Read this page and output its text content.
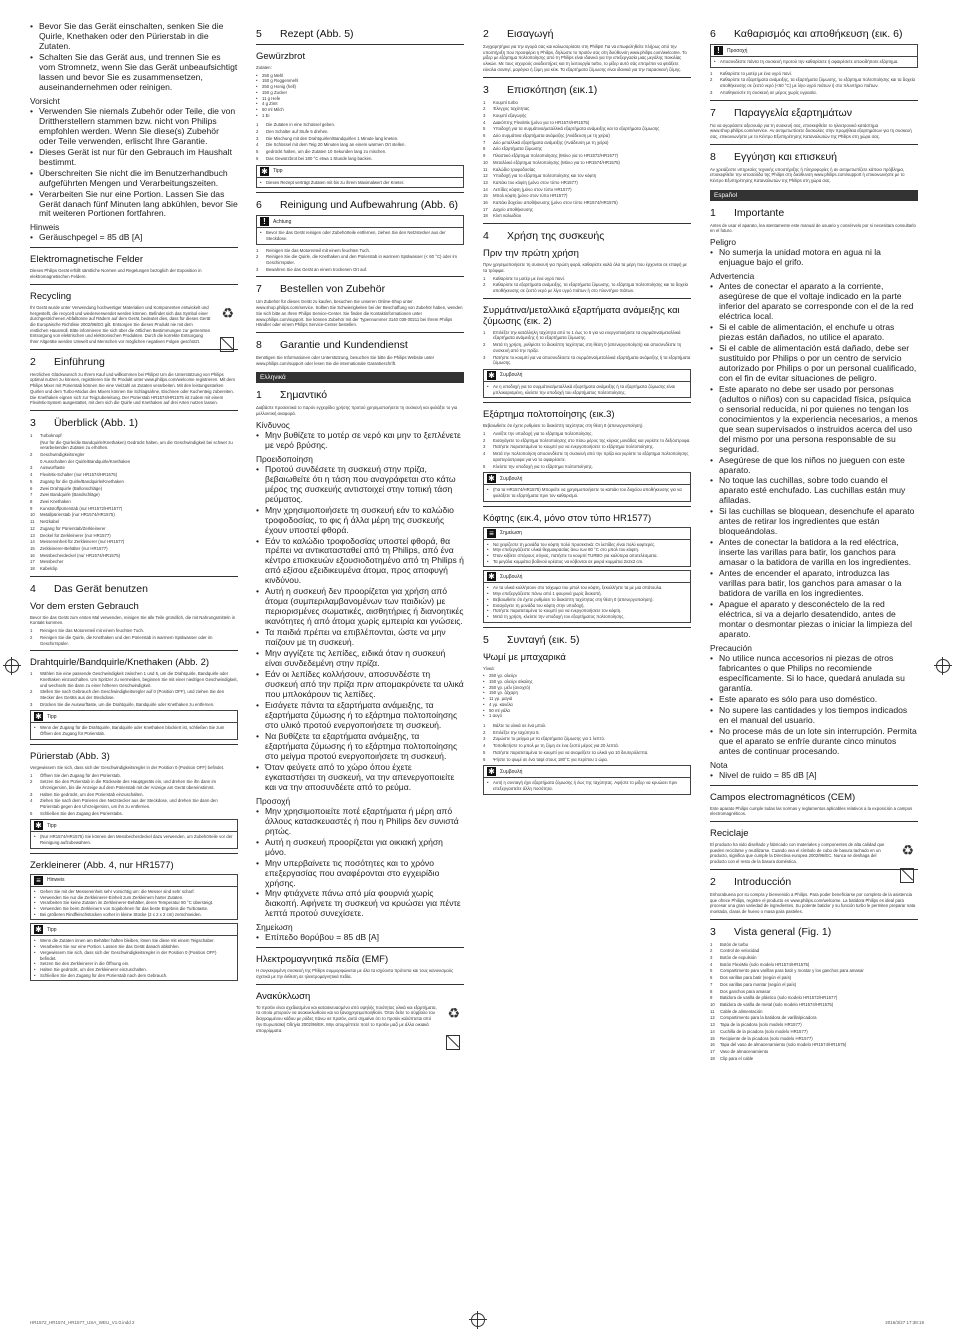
• Bevor Sie das Gerät einschalten, senken Sie die Quirle, Knethaken oder den Pürierstab in die Zutaten.

• Schalten Sie das Gerät aus, und trennen Sie es vom Stromnetz, wenn Sie das Gerät unbeaufsichtigt lassen und bevor Sie es zusammensetzen, auseinandernehmen oder reinigen.

Vorsicht

• Verwenden Sie niemals Zubehör oder Teile, die von Drittherstellern stammen bzw. nicht von Philips empfohlen werden. Wenn Sie diese(s) Zubehör oder Teile verwenden, erlischt Ihre Garantie.

• Dieses Gerät ist nur für den Gebrauch im Haushalt bestimmt.

• Überschreiten Sie nicht die im Benutzerhandbuch aufgeführten Mengen und Verarbeitungszeiten.

• Verarbeiten Sie nur eine Portion. Lassen Sie das Gerät danach fünf Minuten lang abkühlen, bevor Sie mit weiteren Portionen fortfahren.

Hinweis
• Geräuschpegel = 85 dB [A]
Elektromagnetische Felder

Dieses Philips Gerät erfüllt sämtliche Normen und Regelungen bezüglich der Exposition in elektromagnetischen Feldern.

Recycling
♻

Ihr Gerät wurde unter Verwendung hochwertiger Materialien und Komponenten entwickelt und hergestellt, die recycelt und wiederverwendet werden können. Befindet sich das Symbol einer durchgestrichenen Abfalltonne auf Rädern auf dem Gerät, bedeutet dies, dass für dieses Gerät die Europäische Richtlinie 2002/96/EG gilt. Entsorgen Sie dieses Produkt nie mit dem restlichen Hausmüll. Bitte informieren Sie sich über die örtlichen Bestimmungen zur getrennten Entsorgung von elektrischen und elektronischen Produkten. Durch die korrekte Entsorgung Ihrer Altgeräte werden Umwelt und Menschen vor möglichen negativen Folgen geschützt.

2 Einführung

Herzlichen Glückwunsch zu Ihrem Kauf und willkommen bei Philips! Um die Unterstützung von Philips optimal nutzen zu können, registrieren Sie Ihr Produkt unter www.philips.com/welcome registrieren. Mit dem Philips Mixer mit Pürierstab können Sie eine Vielzahl an Zutaten verarbeiten. Mit den leistungsstarken Quirlen und dem Turbo-Modus des Mixers können Sie Schlagsahne, Eischnee oder Kuchenteig zubereiten. Die Knethaken eignen sich zur Teigzubereitung. Der Pürierstab HR1574/HR1575 ist zudem mit einem FlexiMix-System ausgestattet, mit dem sich die Quirle und Knethaken auf drei Arten nutzen lassen.

3 Überblick (Abb. 1)
1	Turboknopf
(Nur für die Quirle/die Bandquirle/Knethaken) Gedrückt halten, um die Geschwindigkeit bei schwer zu verarbeitenden Zutaten zu erhöhen.
2	Geschwindigkeitsregler
0 Ausschalten der Quirle/Bandquirle/Knethaken
3	Auswurftaste
4	FlexiMix-Schalter (nur HR1574/HR1575)
5	Zugang für die Quirle/Bandquirle/Knethaken
6	Zwei Drahtquirle (Ballonschläge)
7	Zwei Bandquirle (Bandschläge)
8	Zwei Knethaken
9	Kunststoffpürierstab (nur HR1572/HR1577)
10	Metallpürierstab (nur HR1574/HR1575)
11	Netzkabel
12	Zugang für Pürierstab/Zerkleinerer
13	Deckel für Zerkleinerer (nur HR1577)
14	Messereinheit für Zerkleinerer (nur HR1577)
15	Zerkleinerer-Behälter (nur HR1577)
16	Messbecherdeckel (nur HR1574/HR1575)
17	Messbecher
18	Kabelclip
4 Das Gerät benutzen
Vor dem ersten Gebrauch

Bevor Sie das Gerät zum ersten Mal verwenden, reinigen Sie alle Teile gründlich, die mit Nahrungsmitteln in Kontakt kommen.

1	Reinigen Sie das Motorenteil mit einem feuchten Tuch.
2	Reinigen Sie die Quirle, die Knethaken und den Pürierstab in warmem Spülwasser oder im Geschirrspüler.
Drahtquirle/Bandquirle/Knethaken (Abb. 2)
1	Wählen Sie eine passende Geschwindigkeit zwischen 1 und 5, um die Drahtquirle, Bandquirle oder Knethaken einzuschalten. Um Spritzer zu vermeiden, beginnen Sie mit einer niedrigen Geschwindigkeit, und wechseln Sie dann zu einer höheren Geschwindigkeit.
2	Stellen Sie nach Gebrauch den Geschwindigkeitsregler auf 0 (Position OFF), und ziehen Sie den Stecker des Geräts aus der Steckdose.
3	Drücken Sie die Auswurftaste, um die Drahtquirle, Bandquirle oder Knethaken zu entfernen.
✱ Tipp

• Wenn der Zugang für die Drahtquirle, Bandquirle oder Knethaken blockiert ist, schließen Sie zum Öffnen den Zugang für Pürierstab.

Pürierstab (Abb. 3)

Vergewissern Sie sich, dass sich der Geschwindigkeitsregler in der Position 0 (Position OFF) befindet.

1	Öffnen Sie den Zugang für den Pürierstab.
2	Setzen Sie den Pürierstab in die Rückseite des Hauptgeräts ein, und drehen Sie ihn dann im Uhrzeigersinn, bis die Anzeige auf dem Pürierstab mit der Anzeige am Gerät übereinstimmt.
3	Halten Sie gedrückt, um den Pürierstab einzuschalten.
4	Ziehen Sie nach dem Pürieren den Netzstecker aus der Steckdose, und drehen Sie dann den Pürierstab gegen den Uhrzeigersinn, um ihn zu entfernen.
5	Schließen Sie den Zugang des Pürierstabs.
✱ Tipp

• (Nur HR1574/HR1575) Sie können den Messbecherdeckel dazu verwenden, um Zubehörteile vor der Reinigung aufzubewahren.

Zerkleinerer (Abb. 4, nur HR1577)
≡	Hinweis

• Gehen Sie mit der Messereinheit sehr vorsichtig um: die Messer sind sehr scharf.

• Verwenden Sie nur die Zerkleinerer-Einheit zum Zerkleinern harter Zutaten.

• Verarbeiten Sie keine Zutaten im Zerkleinerer-Behälter, deren Temperatur 80 °C übersteigt.

• Verwenden Sie beim Zerkleinern von Sojabohnen für das beste Ergebnis die Turbotaste.

• Bei größeren Rindfleischstücken vorher in kleine Stücke (2 x 2 x 2 cm) zerschneiden.

✱ Tipp

• Wenn die Zutaten innen am Behälter haften bleiben, lösen Sie diese mit einem Teigschaber.

• Verarbeiten Sie nur eine Portion. Lassen Sie das Gerät danach abkühlen.

• Vergewissern Sie sich, dass sich der Geschwindigkeitsregler in der Position 0 (Position OFF) befindet.

• Setzen Sie den Zerkleinerer in die Öffnung ein.

• Halten Sie gedrückt, um den Zerkleinerer einzuschalten.

• Schließen Sie den Zugang für den Pürierstab nach dem Gebrauch.

5 Rezept (Abb. 5)
Gewürzbrot

Zutaten:

• 250 g Mehl

• 150 g Roggenmehl

• 250 g Honig (hell)

• 150 g Zucker

• 11 g Hefe

• 4 g Zimt

• 50 ml Milch

• 1 Ei

1	Die Zutaten in eine Schüssel geben.
2	Den Schalter auf Stufe 5 drehen.
3	Die Mischung mit den Drahtquirlen/Bandquirlen 1 Minute lang kneten.
4	Die Schüssel mit dem Teig 20 Minuten lang an einem warmen Ort stellen.
5	gedrückt halten, um die Zutaten 10 Sekunden lang zu mischen.
6	Das Gewürzbrot bei 180 °C etwa 1 Stunde lang backen.
✱ Tipp

• Dieses Rezept verträgt Zutaten mit bis zu ihrem Maximalwert der Kneter.

6 Reinigung und Aufbewahrung (Abb. 6)
!	Achtung

• Bevor Sie das Gerät reinigen oder Zubehörteile entfernen, ziehen Sie den Netzstecker aus der Steckdose.

1	Reinigen Sie das Motorenteil mit einem feuchten Tuch.
2	Reinigen Sie die Quirle, die Knethaken und den Pürierstab in warmem Spülwasser (< 60 °C) oder im Geschirrspüler.
3	Bewahren Sie das Gerät an einem trockenen Ort auf.
7 Bestellen von Zubehör

Um Zubehör für dieses Gerät zu kaufen, besuchen Sie unseren Online-Shop unter www.shop.philips.com/service. Sollten Sie Schwierigkeiten bei der Beschaffung von Zubehör haben, wenden Sie sich bitte an Ihren Philips Service-Center. Sie finden die Kontaktinformationen unter www.philips.com/support. Sie können Zubehör mit der Typennummer 3140 039 00211 bei Ihrem Philips Händler oder einem Philips Service-Center bestellen.

8 Garantie und Kundendienst

Benötigen Sie Informationen oder Unterstützung, besuchen Sie bitte die Philips Website unter www.philips.com/support oder lesen Sie die internationale Garantieschrift.

Ελληνικά
1 Σημαντικό

Διαβάστε προσεκτικά το παρόν εγχειρίδιο χρήσης προτού χρησιμοποιήσετε τη συσκευή και φυλάξτε το για μελλοντική αναφορά.

Κίνδυνος

• Μην βυθίζετε το μοτέρ σε νερό και μην το ξεπλένετε με νερό βρύσης.

Προειδοποίηση

• Προτού συνδέσετε τη συσκευή στην πρίζα, βεβαιωθείτε ότι η τάση που αναγράφεται στο κάτω μέρος της συσκευής αντιστοιχεί στην τοπική τάση ρεύματος.

• Μην χρησιμοποιήσετε τη συσκευή εάν το καλώδιο τροφοδοσίας, το φις ή άλλα μέρη της συσκευής έχουν υποστεί φθορά.

• Εάν το καλώδιο τροφοδοσίας υποστεί φθορά, θα πρέπει να αντικατασταθεί από τη Philips, από ένα κέντρο επισκευών εξουσιοδοτημένο από τη Philips ή από εξίσου εξειδικευμένα άτομα, προς αποφυγή κινδύνου.

• Αυτή η συσκευή δεν προορίζεται για χρήση από άτομα (συμπεριλαμβανομένων των παιδιών) με περιορισμένες σωματικές, αισθητήριες ή διανοητικές ικανότητες ή από άτομα χωρίς εμπειρία και γνώσεις.

• Τα παιδιά πρέπει να επιβλέπονται, ώστε να μην παίζουν με τη συσκευή.

• Μην αγγίζετε τις λεπίδες, ειδικά όταν η συσκευή είναι συνδεδεμένη στην πρίζα.

• Εάν οι λεπίδες κολλήσουν, αποσυνδέστε τη συσκευή από την πρίζα πριν απομακρύνετε τα υλικά που μπλοκάρουν τις λεπίδες.

• Εισάγετε πάντα τα εξαρτήματα ανάμειξης, τα εξαρτήματα ζύμωσης ή το εξάρτημα πολτοποίησης στο υλικό προτού ενεργοποιήσετε τη συσκευή.

• Να βυθίζετε τα εξαρτήματα ανάμειξης, τα εξαρτήματα ζύμωσης ή το εξάρτημα πολτοποίησης στο μείγμα προτού ενεργοποιήσετε τη συσκευή.

• Όταν φεύγετε από το χώρο όπου έχετε εγκαταστήσει τη συσκευή, να την απενεργοποιείτε και να την αποσυνδέετε από το ρεύμα.

Προσοχή

• Μην χρησιμοποιείτε ποτέ εξαρτήματα ή μέρη από άλλους κατασκευαστές ή που η Philips δεν συνιστά ρητώς.

• Αυτή η συσκευή προορίζεται για οικιακή χρήση μόνο.

• Μην υπερβαίνετε τις ποσότητες και το χρόνο επεξεργασίας που αναφέρονται στο εγχειρίδιο χρήσης.

• Μην φτιάχνετε πάνω από μία φουρνιά χωρίς διακοπή. Αφήνετε τη συσκευή να κρυώσει για πέντε λεπτά προτού συνεχίσετε.

Σημείωση

• Επίπεδο θορύβου = 85 dB [A]

Ηλεκτρομαγνητικά πεδία (EMF)

Η συγκεκριμένη συσκευή της Philips συμμορφώνεται με όλα τα ισχύοντα πρότυπα και τους κανονισμούς σχετικά με την έκθεση σε ηλεκτρομαγνητικά πεδία.

Ανακύκλωση
♻

Το προϊόν είναι σχεδιασμένο και κατασκευασμένο από υψηλής ποιότητας υλικά και εξαρτήματα, τα οποία μπορούν να ανακυκλωθούν και να ξαναχρησιμοποιηθούν. Όταν δείτε το σύμβολο του διαγραμμένου κάδου με ρόδες πάνω σε προϊόν, αυτό σημαίνει ότι το προϊόν καλύπτεται από την Ευρωπαϊκή Οδηγία 2002/96/ΕΚ. Μην απορρίπτετε ποτέ το προϊόν μαζί με άλλα οικιακά απορρίμματα.

2 Εισαγωγή

Συγχαρητήρια για την αγορά σας και καλωσορίσατε στη Philips! Για να επωφεληθείτε πλήρως από την υποστήριξη που προσφέρει η Philips, δηλώστε το προϊόν σας στη διεύθυνση www.philips.com/welcome. Το μίξερ με εξάρτημα πολτοποίησης από τη Philips είναι ιδανικό για την επεξεργασία μιας μεγάλης ποικιλίας υλικών. Με τους ισχυρούς αναδευτήρες και τη λειτουργία turbo, το μίξερ αυτό σάς επιτρέπει να φτιάξετε εύκολα σαντιγί, μαρέγκα ή ζύμη για κέικ. Τα εξαρτήματα ζύμωσης είναι ιδανικά για την παρασκευή ζύμης.

3 Επισκόπηση (εικ.1)
1	Κουμπί turbo
2	Έλεγχος ταχύτητας
3	Κουμπί εξαγωγής
4	Διακόπτης FlexiMix (μόνο για το HR1574/HR1575)
5	Υποδοχή για τα συρμάτινα/μεταλλικά εξαρτήματα ανάμειξης και τα εξαρτήματα ζύμωσης
6	Δύο συρμάτινα εξαρτήματα ανάμειξης (Ανάδευση με τη χείρα)
7	Δύο μεταλλικά εξαρτήματα ανάμειξης (Ανάδευση με τη χείρα)
8	Δύο εξαρτήματα ζύμωσης
9	Πλαστικό εξάρτημα πολτοποίησης (Μόνο για το HR1572/HR1577)
10	Μεταλλικό εξάρτημα πολτοποίησης (Μόνο για το HR1574/HR1575)
11	Καλώδιο τροφοδοσίας
12	Υποδοχή για το εξάρτημα πολτοποίησης και τον κόφτη
13	Καπάκι του κόφτη (μόνο στον τύπο HR1577)
14	Λεπίδες κόφτη (μόνο στον τύπο HR1577)
15	Μπολ κόφτη (μόνο στον τύπο HR1577)
16	Καπάκι δοχείου αποθήκευσης (μόνο στον τύπο HR1574/HR1575)
17	Δοχείο αποθήκευσης
18	Κλιπ καλωδίου
4 Χρήση της συσκευής
Πριν την πρώτη χρήση

Πριν χρησιμοποιήσετε τη συσκευή για πρώτη φορά, καθαρίστε καλά όλα τα μέρη που έρχονται σε επαφή με τα τρόφιμα.

1	Καθαρίστε το μοτέρ με ένα υγρό πανί.
2	Καθαρίστε τα εξαρτήματα ανάμειξης, τα εξαρτήματα ζύμωσης, το εξάρτημα πολτοποίησης και τα δοχεία αποθήκευσης σε ζεστό νερό με λίγο υγρό πιάτων ή στο πλυντήριο πιάτων.
Συρμάτινα/μεταλλικά εξαρτήματα ανάμειξης και ζύμωσης (εικ. 2)
1	Επιλέξτε την κατάλληλη ταχύτητα από το 1 έως το 5 για να ενεργοποιήσετε τα συρμάτινα/μεταλλικά εξαρτήματα ανάμειξης ή τα εξαρτήματα ζύμωσης.
2	Μετά τη χρήση, ρυθμίστε το διακόπτη ταχύτητας στη θέση 0 (απενεργοποίηση) και αποσυνδέστε τη συσκευή από την πρίζα.
3	Πατήστε το κουμπί για να αποσυνδέσετε τα συρμάτινα/μεταλλικά εξαρτήματα ανάμειξης ή τα εξαρτήματα ζύμωσης.
✱ Συμβουλή

• Αν η υποδοχή για τα συρμάτινα/μεταλλικά εξαρτήματα ανάμειξης ή τα εξαρτήματα ζύμωσης είναι μπλοκαρισμένη, κλείστε την υποδοχή του εξαρτήματος πολτοποίησης.

Εξάρτημα πολτοποίησης (εικ.3)

Βεβαιωθείτε ότι έχετε ρυθμίσει το διακόπτη ταχύτητας στη θέση 0 (απενεργοποίηση).

1	Ανοίξτε την υποδοχή για το εξάρτημα πολτοποίησης.
2	Εισαγάγετε το εξάρτημα πολτοποίησης στο πίσω μέρος της κύριας μονάδας και γυρίστε το δεξιόστροφα.
3	Πατήστε παρατεταμένα το κουμπί για να ενεργοποιήσετε το εξάρτημα πολτοποίησης.
4	Μετά την πολτοποίηση αποσυνδέστε τη συσκευή από την πρίζα και γυρίστε το εξάρτημα πολτοποίησης αριστερόστροφα για να το αφαιρέσετε.
5	Κλείστε την υποδοχή για το εξάρτημα πολτοποίησης.
✱ Συμβουλή

• (Για τα HR1574/HR1575) Μπορείτε να χρησιμοποιήσετε το καπάκι του δοχείου αποθήκευσης για να φυλάξετε τα εξαρτήματα πριν τον καθαρισμό.

Κόφτης (εικ.4, μόνο στον τύπο HR1577)
≡	Σημείωση

• Να χειρίζεστε τη μονάδα του κόφτη πολύ προσεκτικά: Οι λεπίδες είναι πολύ κοφτερές.

• Μην επεξεργάζεστε υλικά θερμοκρασίας άνω των 80 °C στο μπολ του κόφτη.

• Όταν κόβετε σπόρους σόγιας, πατήστε το κουμπί TURBO για καλύτερα αποτελέσματα.

• Τα μεγάλα κομμάτια βοδινού κρέατος να κόβονται σε μικρά κομμάτια 2x2x2 cm.

✱ Συμβουλή

• Αν τα υλικά κολλήσουν στο τοίχωμα του μπολ του κόφτη, ξεκολλήστε τα με μια σπάτουλα.

• Μην επεξεργάζεστε πάνω από 1 φουρνιά χωρίς διακοπή.

• Βεβαιωθείτε ότι έχετε ρυθμίσει το διακόπτη ταχύτητας στη θέση 0 (απενεργοποίηση).

• Εισαγάγετε τη μονάδα του κόφτη στην υποδοχή.

• Πατήστε παρατεταμένα το κουμπί για να ενεργοποιήσετε τον κόφτη.

• Μετά τη χρήση, κλείστε την υποδοχή του εξαρτήματος πολτοποίησης.

5 Συνταγή (εικ. 5)
Ψωμί με μπαχαρικά

Υλικά:

• 250 γρ. αλεύρι

• 150 γρ. αλεύρι σίκαλης

• 250 γρ. μέλι (ανοιχτό)

• 150 γρ. ζάχαρη

• 11 γρ. μαγιά

• 4 γρ. κανέλα

• 50 ml γάλα

• 1 αυγό

1	Βάλτε τα υλικά σε ένα μπολ.
2	Επιλέξτε την ταχύτητα 5.
3	Ζυμώστε το μείγμα με τα εξαρτήματα ζύμωσης για 1 λεπτό.
4	Τοποθετήστε το μπολ με τη ζύμη σε ένα ζεστό μέρος για 20 λεπτά.
5	Πατήστε παρατεταμένα το κουμπί για να αναμείξετε τα υλικά για 10 δευτερόλεπτα.
6	Ψήστε το ψωμί σε ένα ταψί στους 180°C για περίπου 1 ώρα.
✱ Συμβουλή

• Αυτή η συνταγή έχει εξαρτήματα ζύμωσης ή έως της ταχύτητας. Αφήστε το μίξερ να κρυώσει πριν επεξεργαστείτε άλλη ποσότητα.

6 Καθαρισμός και αποθήκευση (εικ. 6)
!	Προσοχή

• Αποσυνδέστε πάντα τη συσκευή προτού την καθαρίσετε ή αφαιρέσετε οποιοδήποτε εξάρτημα.

1	Καθαρίστε το μοτέρ με ένα υγρό πανί.
2	Καθαρίστε τα εξαρτήματα ανάμειξης, τα εξαρτήματα ζύμωσης, το εξάρτημα πολτοποίησης και τα δοχεία αποθήκευσης σε ζεστό νερό (<60 °C) με λίγο υγρό πιάτων ή στο πλυντήριο πιάτων.
3	Αποθηκεύστε τη συσκευή σε μέρος χωρίς υγρασία.
7 Παραγγελία εξαρτημάτων

Για να αγοράσετε αξεσουάρ για τη συσκευή σας, επισκεφθείτε το ηλεκτρονικό κατάστημα www.shop.philips.com/service. Αν αντιμετωπίσετε δυσκολίες στην προμήθεια εξαρτημάτων για τη συσκευή σας, επικοινωνήστε με το Κέντρο Εξυπηρέτησης Καταναλωτών της Philips στη χώρα σας.

8 Εγγύηση και επισκευή

Αν χρειάζεστε υπηρεσίες τεχνικής υποστήριξης ή πληροφορίες ή αν αντιμετωπίζετε κάποιο πρόβλημα, επισκεφθείτε την ιστοσελίδα της Philips στη διεύθυνση www.philips.com/support ή επικοινωνήστε με το Κέντρο Εξυπηρέτησης Καταναλωτών της Philips στη χώρα σας.

Español
1 Importante

Antes de usar el aparato, lea atentamente este manual de usuario y consérvelo por si necesitara consultarlo en el futuro.

Peligro

• No sumerja la unidad motora en agua ni la enjuague bajo el grifo.

Advertencia

• Antes de conectar el aparato a la corriente, asegúrese de que el voltaje indicado en la parte inferior del aparato se corresponde con el de la red eléctrica local.

• Si el cable de alimentación, el enchufe u otras piezas están dañados, no utilice el aparato.

• Si el cable de alimentación está dañado, debe ser sustituido por Philips o por un centro de servicio autorizado por Philips o por un personal cualificado, con el fin de evitar situaciones de peligro.

• Este aparato no debe ser usado por personas (adultos o niños) con su capacidad física, psíquica o sensorial reducida, ni por quienes no tengan los conocimientos y la experiencia necesarios, a menos que sean supervisados o instruidos acerca del uso del mismo por una persona responsable de su seguridad.

• Asegúrese de que los niños no jueguen con este aparato.

• No toque las cuchillas, sobre todo cuando el aparato esté enchufado. Las cuchillas están muy afiladas.

• Si las cuchillas se bloquean, desenchufe el aparato antes de retirar los ingredientes que están bloqueándolas.

• Antes de conectar la batidora a la red eléctrica, inserte las varillas para batir, los ganchos para amasar o la batidora de varilla en los ingredientes.

• Antes de encender el aparato, introduzca las varillas para batir, los ganchos para amasar o la batidora de varilla en los ingredientes.

• Apague el aparato y desconéctelo de la red eléctrica, si va a dejarlo desatendido, antes de montar o desmontar piezas o iniciar la limpieza del aparato.

Precaución

• No utilice nunca accesorios ni piezas de otros fabricantes o que Philips no recomiende específicamente. Si lo hace, quedará anulada su garantía.

• Este aparato es sólo para uso doméstico.

• No supere las cantidades y los tiempos indicados en el manual del usuario.

• No procese más de un lote sin interrupción. Permita que el aparato se enfríe durante cinco minutos antes de continuar procesando.

Nota

• Nivel de ruido = 85 dB [A]

Campos electromagnéticos (CEM)

Este aparato Philips cumple todas las normas y reglamentos aplicables relativos a la exposición a campos electromagnéticos.

Reciclaje
♻

El producto ha sido diseñado y fabricado con materiales y componentes de alta calidad que pueden reciclarse y reutilizarse. Cuando vea el símbolo de cubo de basura tachado en un producto, significa que cumple la Directiva europea 2002/96/EC. Nunca se deshaga del producto con el resto de la basura doméstica.

2 Introducción

Enhorabuena por su compra y bienvenido a Philips. Para poder beneficiarse por completo de la asistencia que ofrece Philips, registre el producto en www.philips.com/welcome. La batidora Philips es ideal para procesar una gran variedad de ingredientes. Su potente batidor y su función turbo le permiten preparar nata montada, claras de huevo o masa para pasteles.

3 Vista general (Fig. 1)
1	Botón de turbo
2	Control de velocidad
3	Botón de expulsión
4	Botón FlexiMix (solo modelo HR1574/HR1575)
5	Compartimento para varillas para batir y montar y los ganchos para amasar
6	Dos varillas para batir (según el país)
7	Dos varillas para montar (según el país)
8	Dos ganchos para amasar
9	Batidora de varilla de plástico (solo modelo HR1572/HR1577)
10	Batidora de varilla de metal (solo modelo HR1574/HR1575)
11	Cable de alimentación
12	Compartimento para la batidora de varilla/picadora
13	Tapa de la picadora (solo modelo HR1577)
14	Cuchilla de la picadora (solo modelo HR1577)
15	Recipiente de la picadora (solo modelo HR1577)
16	Tapa del vaso de almacenamiento (solo modelo HR1574/HR1575)
17	Vaso de almacenamiento
18	Clip para el cable
HR1572_HR1574_HR1577_USA_WEU_V1.0.indd 2	2016/3/27 17:38:19
